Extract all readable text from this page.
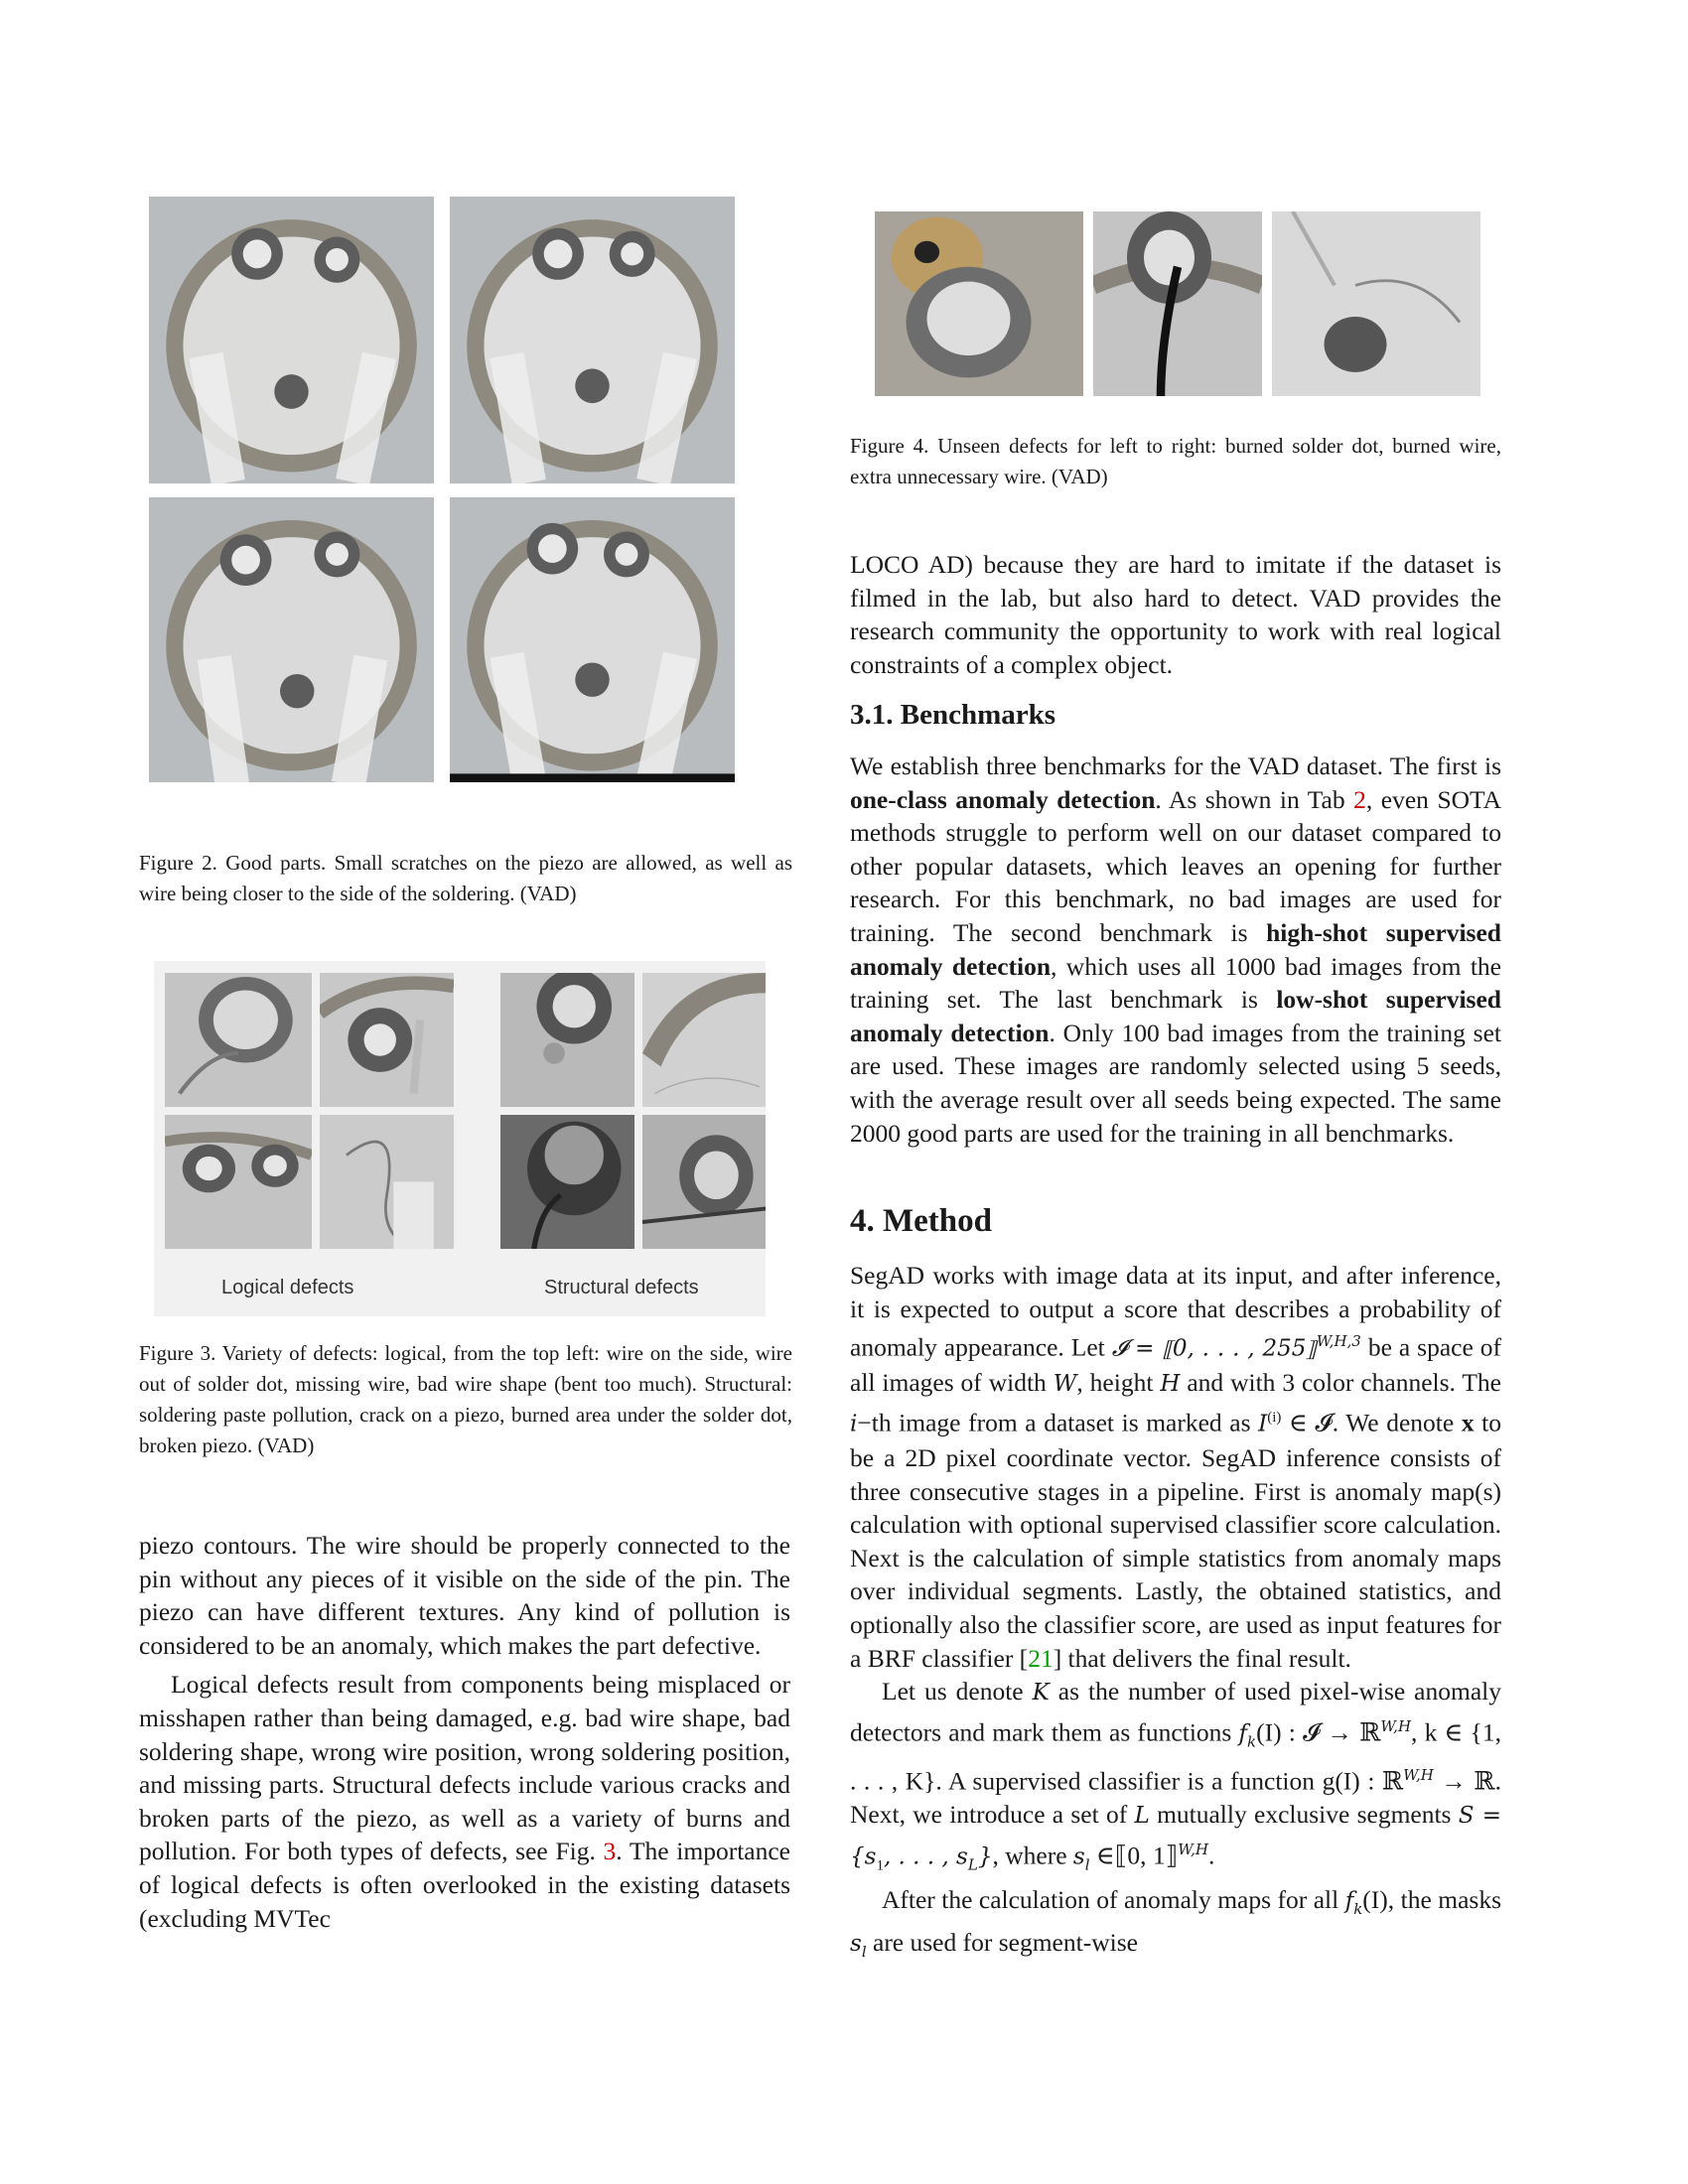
Figure 2. Good parts. Small scratches on the piezo are allowed, as well as wire being closer to the side of the soldering. (VAD)
Logical defects	Structural defects
Figure 3. Variety of defects: logical, from the top left: wire on the side, wire out of solder dot, missing wire, bad wire shape (bent too much). Structural: soldering paste pollution, crack on a piezo, burned area under the solder dot, broken piezo. (VAD)
Figure 4. Unseen defects for left to right: burned solder dot, burned wire, extra unnecessary wire. (VAD)

piezo contours. The wire should be properly connected to the pin without any pieces of it visible on the side of the pin. The piezo can have different textures. Any kind of pollution is considered to be an anomaly, which makes the part defective.

Logical defects result from components being misplaced or misshapen rather than being damaged, e.g. bad wire shape, bad soldering shape, wrong wire position, wrong soldering position, and missing parts. Structural defects include various cracks and broken parts of the piezo, as well as a variety of burns and pollution. For both types of defects, see Fig. 3. The importance of logical defects is often overlooked in the existing datasets (excluding MVTec

LOCO AD) because they are hard to imitate if the dataset is filmed in the lab, but also hard to detect. VAD provides the research community the opportunity to work with real logical constraints of a complex object.

3.1. Benchmarks

We establish three benchmarks for the VAD dataset. The first is one-class anomaly detection. As shown in Tab 2, even SOTA methods struggle to perform well on our dataset compared to other popular datasets, which leaves an opening for further research. For this benchmark, no bad images are used for training. The second benchmark is high-shot supervised anomaly detection, which uses all 1000 bad images from the training set. The last benchmark is low-shot supervised anomaly detection. Only 100 bad images from the training set are used. These images are randomly selected using 5 seeds, with the average result over all seeds being expected. The same 2000 good parts are used for the training in all benchmarks.

4. Method

SegAD works with image data at its input, and after inference, it is expected to output a score that describes a probability of anomaly appearance. Let 𝓘 = ⟦0, . . . , 255⟧$^{W,H,3}$ be a space of all images of width W, height H and with 3 color channels. The i−th image from a dataset is marked as $I^{(i)}$ ∈ 𝓘. We denote x to be a 2D pixel coordinate vector. SegAD inference consists of three consecutive stages in a pipeline. First is anomaly map(s) calculation with optional supervised classifier score calculation. Next is the calculation of simple statistics from anomaly maps over individual segments. Lastly, the obtained statistics, and optionally also the classifier score, are used as input features for a BRF classifier [21] that delivers the final result.

Let us denote K as the number of used pixel-wise anomaly detectors and mark them as functions $f_k(I)$ : 𝓘 → ℝ$^{W,H}$, k ∈ {1, . . . , K}. A supervised classifier is a function g(I) : ℝ$^{W,H}$ → ℝ. Next, we introduce a set of L mutually exclusive segments $S = \{s_1$, . . . , $s_L$}, where $s_l$ ∈⟦0, 1⟧$^{W,H}$.

After the calculation of anomaly maps for all $f_k(I)$, the masks $s_l$ are used for segment-wise
